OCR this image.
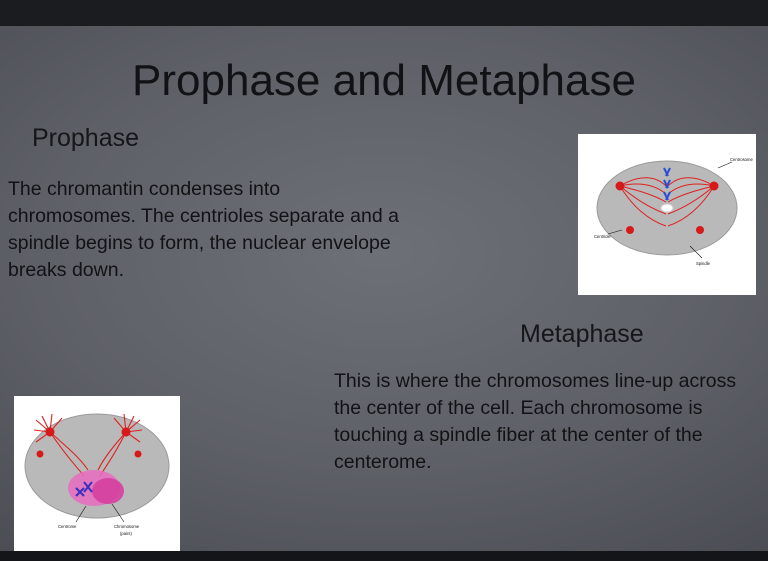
Prophase and Metaphase
Prophase
The chromantin condenses into chromosomes. The centrioles separate and a spindle begins to form, the nuclear envelope breaks down.
Metaphase
This is where the chromosomes line-up across the center of the cell. Each chromosome is touching a spindle fiber at the center of the centerome.
Centrosome
Centriole
Spindle
Centrome	Chromosome
(pairs)
